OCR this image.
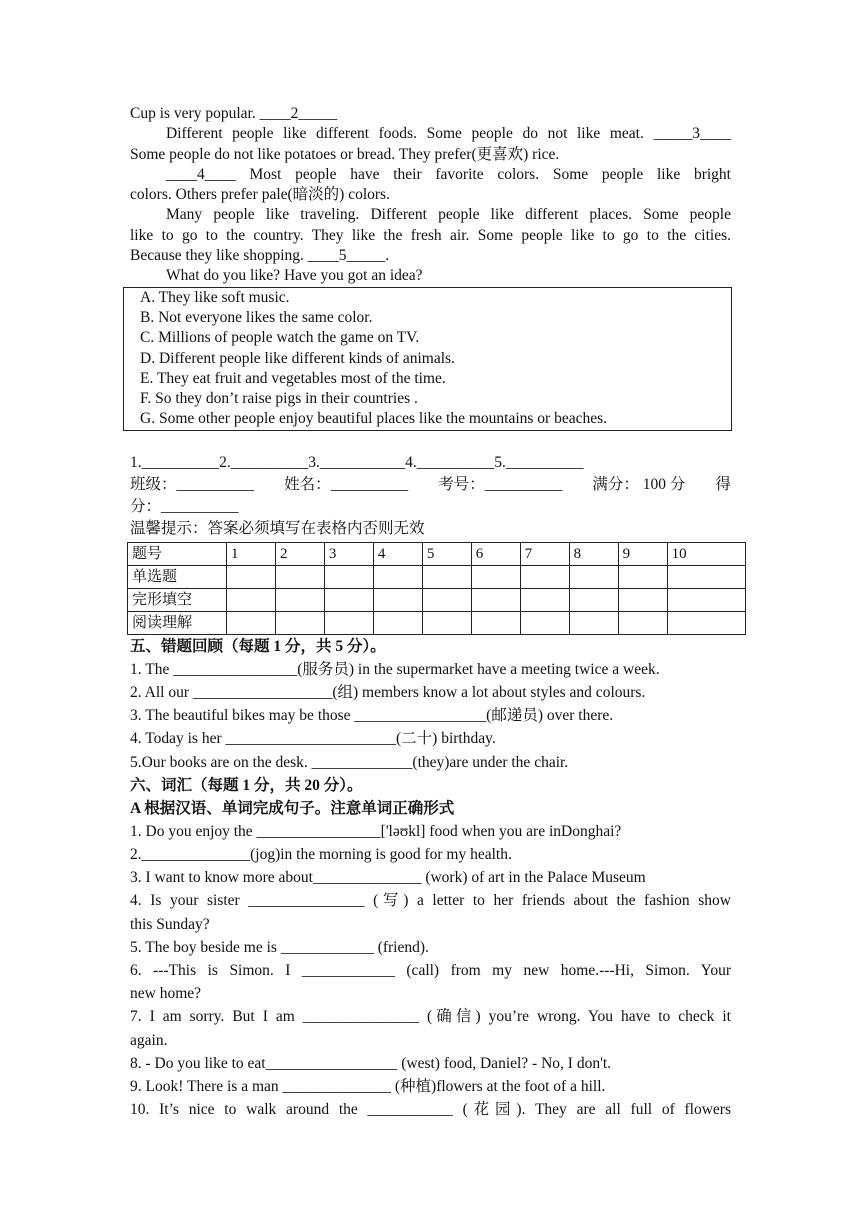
Cup is very popular. ____2_____
Different people like different foods. Some people do not like meat. _____3____
Some people do not like potatoes or bread. They prefer(更喜欢) rice.
____4____ Most people have their favorite colors. Some people like bright
colors. Others prefer pale(暗淡的) colors.
Many people like traveling. Different people like different places. Some people
like to go to the country. They like the fresh air. Some people like to go to the cities.
Because they like shopping. ____5_____.
What do you like? Have you got an idea?
A. They like soft music.
B. Not everyone likes the same color.
C. Millions of people watch the game on TV.
D. Different people like different kinds of animals.
E. They eat fruit and vegetables most of the time.
F. So they don’t raise pigs in their countries .
G. Some other people enjoy beautiful places like the mountains or beaches.
1.__________2.__________3.___________4.__________5.__________
班级：__________ 姓名：__________ 考号：__________ 满分： 100 分 得
分：__________
温馨提示：答案必须填写在表格内否则无效
题号	1	2	3	4	5	6	7	8	9	10
单选题										
完形填空										
阅读理解										
五、错题回顾（每题 1 分，共 5 分）。
1. The ________________(服务员) in the supermarket have a meeting twice a week.
2. All our __________________(组) members know a lot about styles and colours.
3. The beautiful bikes may be those _________________(邮递员) over there.
4. Today is her ______________________(二十) birthday.
5.Our books are on the desk. _____________(they)are under the chair.
六、词汇（每题 1 分，共 20 分）。
A 根据汉语、单词完成句子。注意单词正确形式
1. Do you enjoy the ________________['ləʊkl] food when you are inDonghai?
2.______________(jog)in the morning is good for my health.
3. I want to know more about______________ (work) of art in the Palace Museum
4. Is your sister _______________ (写) a letter to her friends about the fashion show
this Sunday?
5. The boy beside me is ____________ (friend).
6. ---This is Simon. I ____________ (call) from my new home.---Hi, Simon. Your
new home?
7. I am sorry. But I am _______________ (确信) you’re wrong. You have to check it
again.
8. - Do you like to eat_________________ (west) food, Daniel? - No, I don't.
9. Look! There is a man ______________ (种植)flowers at the foot of a hill.
10. It’s nice to walk around the ___________ (花园). They are all full of flowers
